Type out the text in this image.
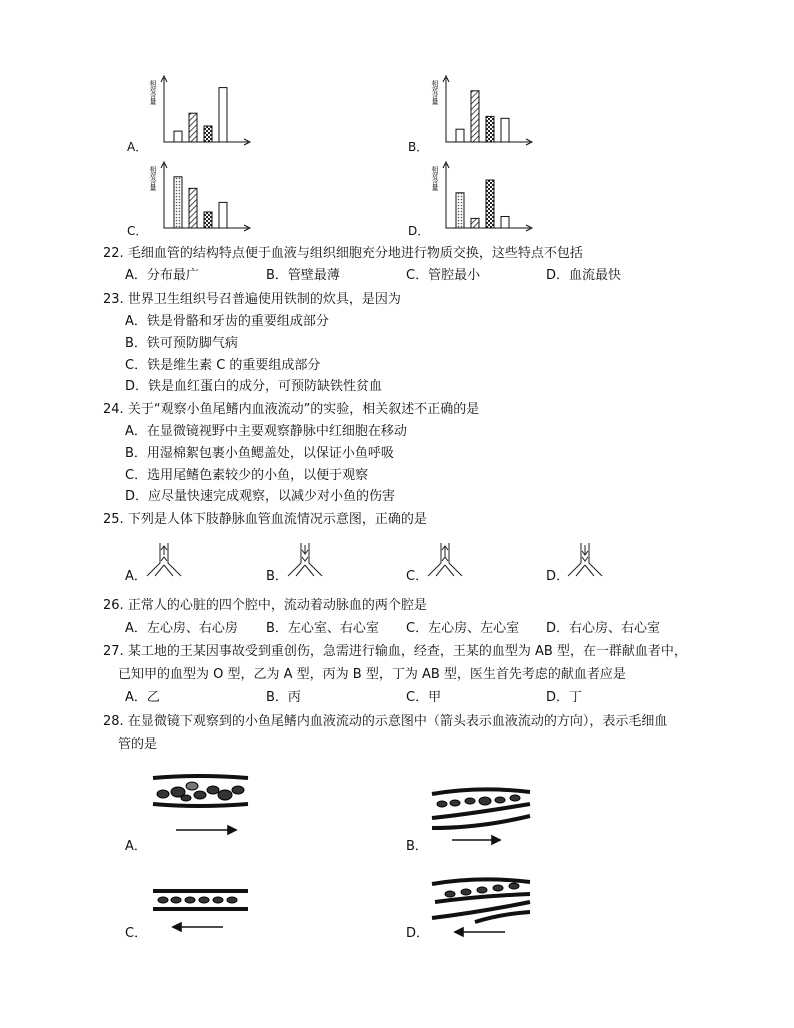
A．
相对含量
B．
相对含量
C．
相对含量
D．
相对含量
22. 毛细血管的结构特点便于血液与组织细胞充分地进行物质交换，这些特点不包括
A．分布最广	B．管壁最薄	C．管腔最小	D．血流最快
23. 世界卫生组织号召普遍使用铁制的炊具，是因为
A．铁是骨骼和牙齿的重要组成部分
B．铁可预防脚气病
C．铁是维生素 C 的重要组成部分
D．铁是血红蛋白的成分，可预防缺铁性贫血
24. 关于“观察小鱼尾鳍内血液流动”的实验，相关叙述不正确的是
A．在显微镜视野中主要观察静脉中红细胞在移动
B．用湿棉絮包裹小鱼鳃盖处，以保证小鱼呼吸
C．选用尾鳍色素较少的小鱼，以便于观察
D．应尽量快速完成观察，以减少对小鱼的伤害
25. 下列是人体下肢静脉血管血流情况示意图，正确的是
A．	B．	C．	D．
26. 正常人的心脏的四个腔中，流动着动脉血的两个腔是
A．左心房、右心房 B．左心室、右心室 C．左心房、左心室 D．右心房、右心室
27. 某工地的王某因事故受到重创伤，急需进行输血，经查，王某的血型为 AB 型，在一群献血者中，
已知甲的血型为 O 型，乙为 A 型，丙为 B 型，丁为 AB 型，医生首先考虑的献血者应是
A．乙	B．丙	C．甲	D．丁
28. 在显微镜下观察到的小鱼尾鳍内血液流动的示意图中（箭头表示血液流动的方向），表示毛细血
管的是
A．	B．
C．	D．
